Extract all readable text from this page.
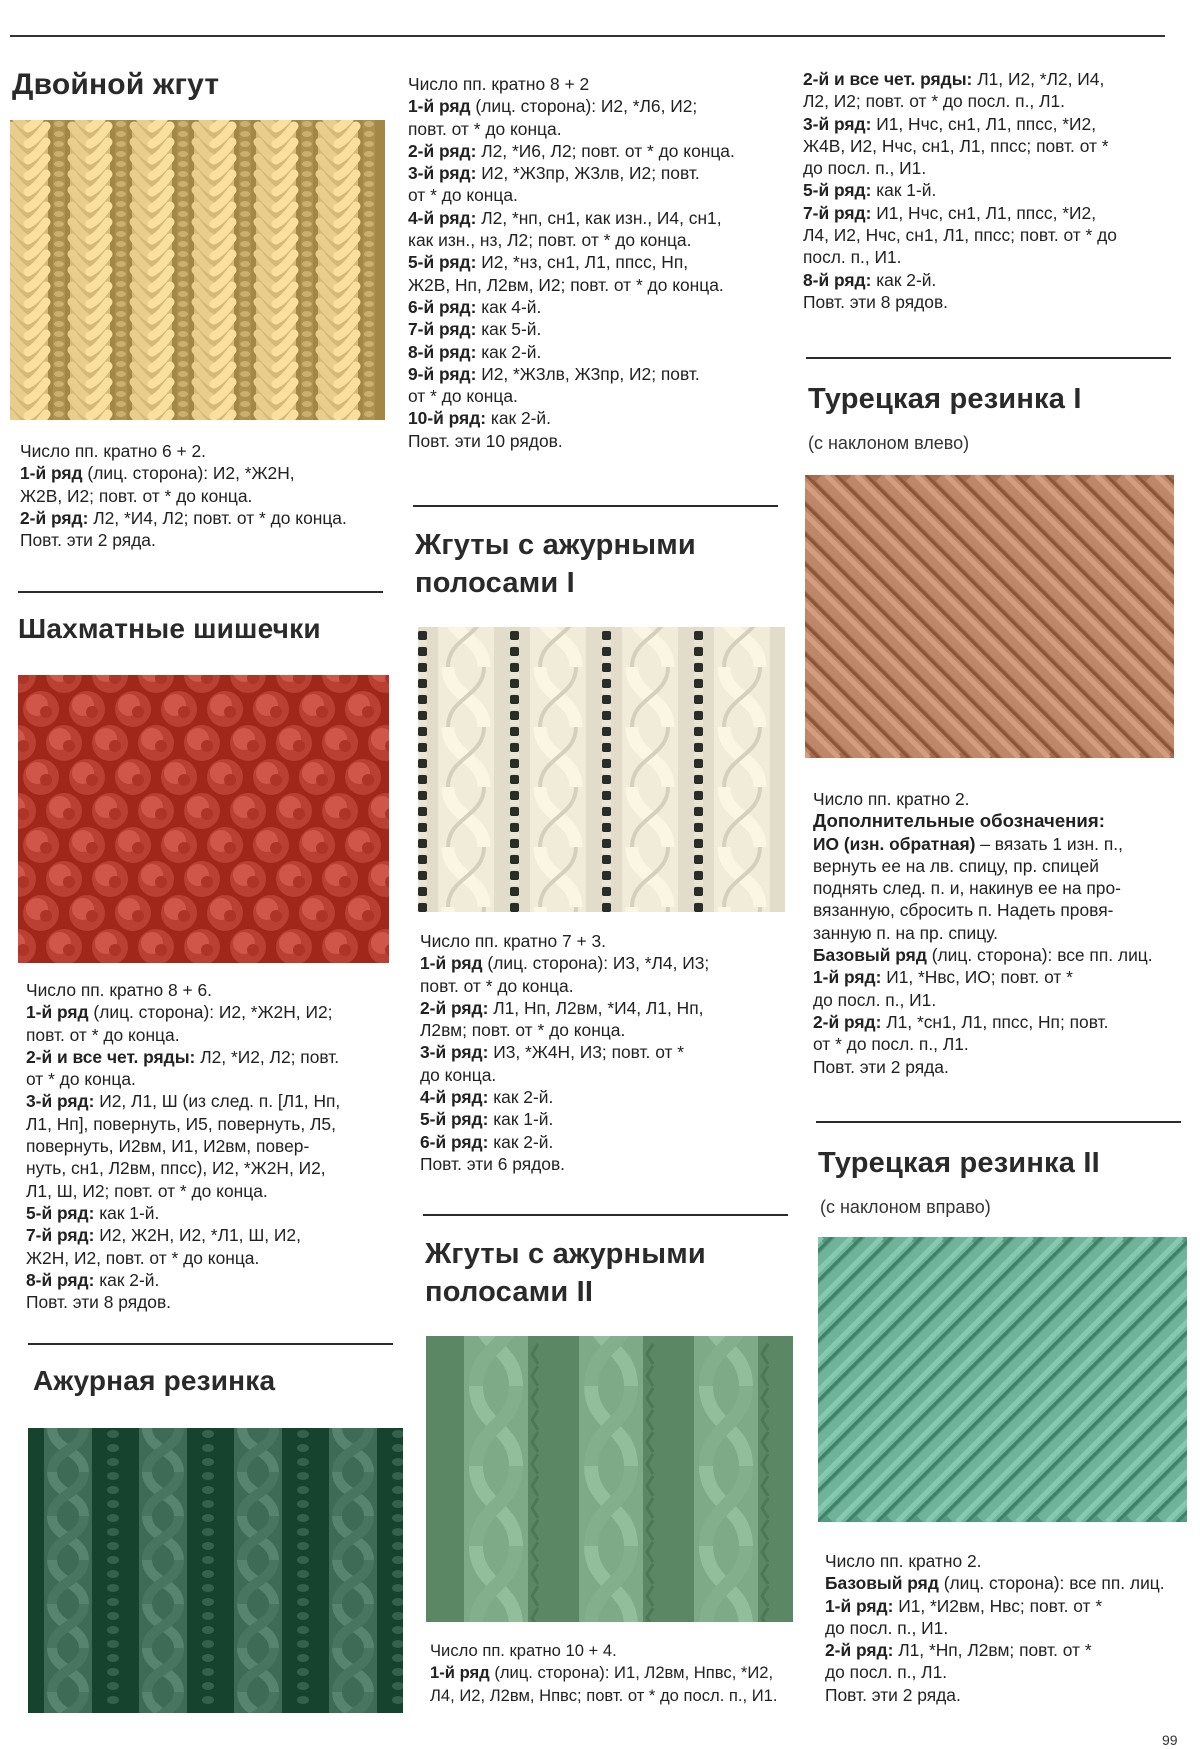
Двойной жгут
Число пп. кратно 6 + 2.
1-й ряд (лиц. сторона): И2, *Ж2Н,
Ж2В, И2; повт. от * до конца.
2-й ряд: Л2, *И4, Л2; повт. от * до конца.
Повт. эти 2 ряда.
Шахматные шишечки
Число пп. кратно 8 + 6.
1-й ряд (лиц. сторона): И2, *Ж2Н, И2;
повт. от * до конца.
2-й и все чет. ряды: Л2, *И2, Л2; повт.
от * до конца.
3-й ряд: И2, Л1, Ш (из след. п. [Л1, Нп,
Л1, Нп], повернуть, И5, повернуть, Л5,
повернуть, И2вм, И1, И2вм, повер-
нуть, сн1, Л2вм, ппсс), И2, *Ж2Н, И2,
Л1, Ш, И2; повт. от * до конца.
5-й ряд: как 1-й.
7-й ряд: И2, Ж2Н, И2, *Л1, Ш, И2,
Ж2Н, И2, повт. от * до конца.
8-й ряд: как 2-й.
Повт. эти 8 рядов.
Ажурная резинка
Число пп. кратно 8 + 2
1-й ряд (лиц. сторона): И2, *Л6, И2;
повт. от * до конца.
2-й ряд: Л2, *И6, Л2; повт. от * до конца.
3-й ряд: И2, *Ж3пр, Ж3лв, И2; повт.
от * до конца.
4-й ряд: Л2, *нп, сн1, как изн., И4, сн1,
как изн., нз, Л2; повт. от * до конца.
5-й ряд: И2, *нз, сн1, Л1, ппсс, Нп,
Ж2В, Нп, Л2вм, И2; повт. от * до конца.
6-й ряд: как 4-й.
7-й ряд: как 5-й.
8-й ряд: как 2-й.
9-й ряд: И2, *Ж3лв, Ж3пр, И2; повт.
от * до конца.
10-й ряд: как 2-й.
Повт. эти 10 рядов.
Жгуты с ажурными
полосами I
Число пп. кратно 7 + 3.
1-й ряд (лиц. сторона): И3, *Л4, И3;
повт. от * до конца.
2-й ряд: Л1, Нп, Л2вм, *И4, Л1, Нп,
Л2вм; повт. от * до конца.
3-й ряд: И3, *Ж4Н, И3; повт. от *
до конца.
4-й ряд: как 2-й.
5-й ряд: как 1-й.
6-й ряд: как 2-й.
Повт. эти 6 рядов.
Жгуты с ажурными
полосами II
Число пп. кратно 10 + 4.
1-й ряд (лиц. сторона): И1, Л2вм, Нпвс, *И2,
Л4, И2, Л2вм, Нпвс; повт. от * до посл. п., И1.
2-й и все чет. ряды: Л1, И2, *Л2, И4,
Л2, И2; повт. от * до посл. п., Л1.
3-й ряд: И1, Нчс, сн1, Л1, ппсс, *И2,
Ж4В, И2, Нчс, сн1, Л1, ппсс; повт. от *
до посл. п., И1.
5-й ряд: как 1-й.
7-й ряд: И1, Нчс, сн1, Л1, ппсс, *И2,
Л4, И2, Нчс, сн1, Л1, ппсс; повт. от * до
посл. п., И1.
8-й ряд: как 2-й.
Повт. эти 8 рядов.
Турецкая резинка I

(с наклоном влево)

Число пп. кратно 2.
Дополнительные обозначения:
ИО (изн. обратная) – вязать 1 изн. п.,
вернуть ее на лв. спицу, пр. спицей
поднять след. п. и, накинув ее на про-
вязанную, сбросить п. Надеть провя-
занную п. на пр. спицу.
Базовый ряд (лиц. сторона): все пп. лиц.
1-й ряд: И1, *Нвс, ИО; повт. от *
до посл. п., И1.
2-й ряд: Л1, *сн1, Л1, ппсс, Нп; повт.
от * до посл. п., Л1.
Повт. эти 2 ряда.
Турецкая резинка II

(с наклоном вправо)

Число пп. кратно 2.
Базовый ряд (лиц. сторона): все пп. лиц.
1-й ряд: И1, *И2вм, Нвс; повт. от *
до посл. п., И1.
2-й ряд: Л1, *Нп, Л2вм; повт. от *
до посл. п., Л1.
Повт. эти 2 ряда.
99
